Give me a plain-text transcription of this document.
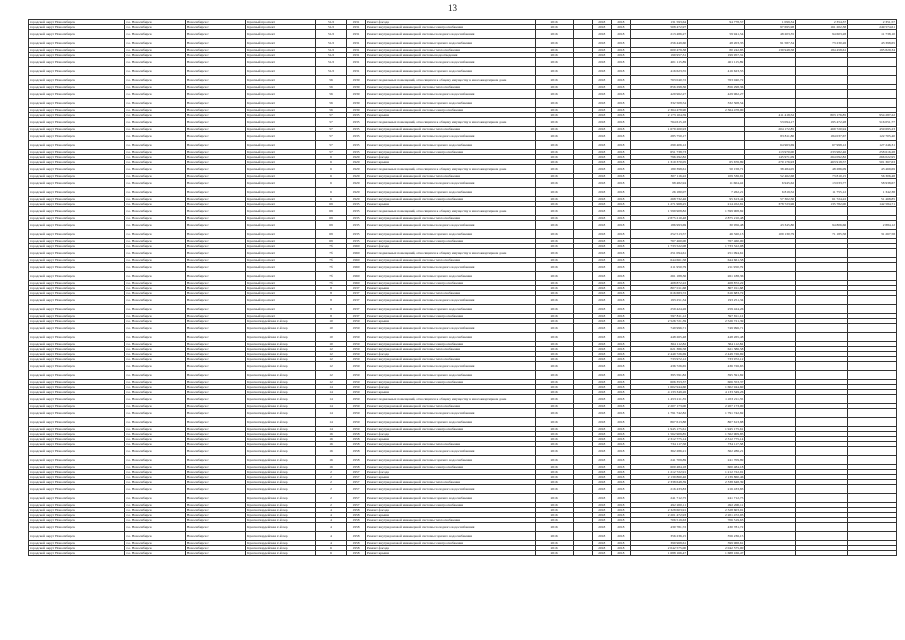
13
городской округ Новосибирск	г.о. Новосибирск	Новосибирск г	Красный проспект	51/2	1931	Ремонт фасада	2016		2018	2018	131 593,64	94 778,57	1 099,34	2 354,37	2 351,57
городской округ Новосибирск	г.о. Новосибирск	Новосибирск г	Красный проспект	51/2	1931	Ремонт внутридомовой инженерной системы электроснабжения	2016		2018	2018	508 472,97		97 695,98	161 202,38	249 574,61
городской округ Новосибирск	г.о. Новосибирск	Новосибирск г	Красный проспект	51/2	1931	Ремонт внутридомовой инженерной системы холодного водоснабжения	2016		2018	2018	213 486,27	59 941,54	48 203,35	94 603,28	11 738,10
городской округ Новосибирск	г.о. Новосибирск	Новосибирск г	Красный проспект	51/2	1931	Ремонт внутридомовой инженерной системы горячего водоснабжения	2016		2018	2018	256 449,60	48 203,35	91 587,34	73 230,26	43 398,65
городской округ Новосибирск	г.о. Новосибирск	Новосибирск г	Красный проспект	51/2	1931	Ремонт внутридомовой инженерной системы теплоснабжения	2016		2018	2018	600 479,38	80 242,85	139 948,58	184 458,61	195 829,34
городской округ Новосибирск	г.о. Новосибирск	Новосибирск г	Красный проспект	51/2	1931	Ремонт внутридомовой инженерной системы водоотведения	2016		2018	2018	199 957,31	199 957,31			
городской округ Новосибирск	г.о. Новосибирск	Новосибирск г	Красный проспект	51/2	1931	Ремонт внутридомовой инженерной системы холодного водоснабжения	2016		2018	2018	401 115,89	401 115,89			
городской округ Новосибирск	г.о. Новосибирск	Новосибирск г	Красный проспект	51/2	1931	Ремонт внутридомовой инженерной системы горячего водоснабжения	2016		2018	2018	416 623,55	416 623,55			
городской округ Новосибирск	г.о. Новосибирск	Новосибирск г	Красный проспект	56	1939	Ремонт подвальных помещений, относящихся к общему имуществу в многоквартирном доме	2016		2018	2018	763 040,72	763 040,72			
городской округ Новосибирск	г.о. Новосибирск	Новосибирск г	Красный проспект	56	1939	Ремонт внутридомовой инженерной системы теплоснабжения	2016		2018	2018	856 298,36	856 298,36			
городской округ Новосибирск	г.о. Новосибирск	Новосибирск г	Красный проспект	56	1939	Ремонт внутридомовой инженерной системы холодного водоснабжения	2016		2018	2018	429 962,27	429 962,27			
городской округ Новосибирск	г.о. Новосибирск	Новосибирск г	Красный проспект	56	1939	Ремонт внутридомовой инженерной системы горячего водоснабжения	2016		2018	2018	332 508,54	332 508,54			
городской округ Новосибирск	г.о. Новосибирск	Новосибирск г	Красный проспект	56	1939	Ремонт внутридомовой инженерной системы электроснабжения	2016		2018	2018	2 364 478,90	2 364 478,90			
городской округ Новосибирск	г.о. Новосибирск	Новосибирск г	Красный проспект	57	1935	Ремонт крыши	2016		2018	2018	2 173 104,59		411 418,52	803 176,85	954 287,22
городской округ Новосибирск	г.о. Новосибирск	Новосибирск г	Красный проспект	57	1935	Ремонт подвальных помещений, относящихся к общему имуществу в многоквартирном доме	2016		2018	2018	764 615,18		53 094,17	195 472,28	516 051,77
городской округ Новосибирск	г.о. Новосибирск	Новосибирск г	Красный проспект	57	1935	Ремонт внутридомовой инженерной системы теплоснабжения	2016		2018	2018	1 679 200,93		204 172,85	469 720,94	459 695,23
городской округ Новосибирск	г.о. Новосибирск	Новосибирск г	Красный проспект	57	1935	Ремонт внутридомовой инженерной системы холодного водоснабжения	2016		2018	2018	285 750,17		83 811,80	184 037,67	122 705,40
городской округ Новосибирск	г.о. Новосибирск	Новосибирск г	Красный проспект	57	1935	Ремонт внутридомовой инженерной системы горячего водоснабжения	2016		2018	2018	299 406,12		64 963,69	67 998,12	127 246,31
городской округ Новосибирск	г.о. Новосибирск	Новосибирск г	Красный проспект	57	1935	Ремонт внутридомовой инженерной системы электроснабжения	2016		2018	2018	651 738,73		113 970,00	233 982,46	258 616,28
городской округ Новосибирск	г.о. Новосибирск	Новосибирск г	Красный проспект	6	1929	Ремонт фасада	2016		2018	2018	796 292,82		145 971,09	264 092,82	266 022,95
городской округ Новосибирск	г.о. Новосибирск	Новосибирск г	Красный проспект	6	1929	Ремонт крыши	2016		2018	2018	1 319 370,05	65 676,89	270 176,93	463 918,57	501 367,63
городской округ Новосибирск	г.о. Новосибирск	Новосибирск г	Красный проспект	6	1929	Ремонт подвальных помещений, относящихся к общему имуществу в многоквартирном доме	2016		2018	2018	180 398,61	50 158,71	38 484,05	48 286,09	43 469,69
городской округ Новосибирск	г.о. Новосибирск	Новосибирск г	Красный проспект	6	1929	Ремонт внутридомовой инженерной системы теплоснабжения	2016		2018	2018	307 116,22	109 536,91	52 462,68	73 810,15	56 306,48
городской округ Новосибирск	г.о. Новосибирск	Новосибирск г	Красный проспект	6	1929	Ремонт внутридомовой инженерной системы холодного водоснабжения	2016		2018	2018	98 482,94	11 604,42	6 945,62	13 033,77	58 938,67
городской округ Новосибирск	г.о. Новосибирск	Новосибирск г	Красный проспект	6	1929	Ремонт внутридомовой инженерной системы горячего водоснабжения	2016		2018	2018	26 180,07	7 262,21	6 819,52	11 755,12	1 342,38
городской округ Новосибирск	г.о. Новосибирск	Новосибирск г	Красный проспект	6	1929	Ремонт внутридомовой инженерной системы электроснабжения	2016		2018	2018	268 732,46	95 613,44	57 302,50	61 724,22	51 468,85
городской округ Новосибирск	г.о. Новосибирск	Новосибирск г	Красный проспект	69	1935	Ремонт крыши	2016		2018	2018	1 271 968,25	214 452,81	378 723,96	135 782,00	142 584,71
городской округ Новосибирск	г.о. Новосибирск	Новосибирск г	Красный проспект	69	1935	Ремонт подвальных помещений, относящихся к общему имуществу в многоквартирном доме	2016		2018	2018	1 599 908,82	1 599 908,82			
городской округ Новосибирск	г.о. Новосибирск	Новосибирск г	Красный проспект	69	1935	Ремонт внутридомовой инженерной системы теплоснабжения	2016		2018	2018	2 875 210,48	2 875 210,48			
городской округ Новосибирск	г.о. Новосибирск	Новосибирск г	Красный проспект	69	1935	Ремонт внутридомовой инженерной системы холодного водоснабжения	2016		2018	2018	186 993,69	30 956,48	43 345,80	94 806,66	2 884,12
городской округ Новосибирск	г.о. Новосибирск	Новосибирск г	Красный проспект	69	1935	Ремонт внутридомовой инженерной системы горячего водоснабжения	2016		2018	2018	252 513,57	46 320,13	109 130,79	71 185,58	31 267,58
городской округ Новосибирск	г.о. Новосибирск	Новосибирск г	Красный проспект	69	1935	Ремонт внутридомовой инженерной системы электроснабжения	2016		2018	2018	767 460,00	767 460,00			
городской округ Новосибирск	г.о. Новосибирск	Новосибирск г	Красный проспект	7б	1960	Ремонт фасада	2016		2018	2018	1 733 522,08	1 733 522,08			
городской округ Новосибирск	г.о. Новосибирск	Новосибирск г	Красный проспект	7б	1960	Ремонт подвальных помещений, относящихся к общему имуществу в многоквартирном доме	2016		2018	2018	251 094,61	251 094,61			
городской округ Новосибирск	г.о. Новосибирск	Новосибирск г	Красный проспект	7б	1960	Ремонт внутридомовой инженерной системы теплоснабжения	2016		2018	2018	644 661,58	644 661,58			
городской округ Новосибирск	г.о. Новосибирск	Новосибирск г	Красный проспект	7б	1960	Ремонт внутридомовой инженерной системы холодного водоснабжения	2016		2018	2018	211 950,79	211 950,79			
городской округ Новосибирск	г.о. Новосибирск	Новосибирск г	Красный проспект	7б	1960	Ремонт внутридомовой инженерной системы горячего водоснабжения	2016		2018	2018	261 188,36	261 188,36			
городской округ Новосибирск	г.о. Новосибирск	Новосибирск г	Красный проспект	7б	1960	Ремонт внутридомовой инженерной системы электроснабжения	2016		2018	2018	408 872,22	408 872,22			
городской округ Новосибирск	г.о. Новосибирск	Новосибирск г	Красный проспект	8	1937	Ремонт крыши	2016		2018	2018	807 011,68	807 011,68			
городской округ Новосибирск	г.о. Новосибирск	Новосибирск г	Красный проспект	8	1937	Ремонт внутридомовой инженерной системы теплоснабжения	2016		2018	2018	616 683,72	616 683,72			
городской округ Новосибирск	г.о. Новосибирск	Новосибирск г	Красный проспект	8	1937	Ремонт внутридомовой инженерной системы холодного водоснабжения	2016		2018	2018	193 251,34	193 251,34			
городской округ Новосибирск	г.о. Новосибирск	Новосибирск г	Красный проспект	8	1937	Ремонт внутридомовой инженерной системы горячего водоснабжения	2016		2018	2018	259 424,26	259 424,26			
городской округ Новосибирск	г.о. Новосибирск	Новосибирск г	Красный проспект	8	1937	Ремонт внутридомовой инженерной системы электроснабжения	2016		2018	2018	597 811,12	597 811,12			
городской округ Новосибирск	г.о. Новосибирск	Новосибирск г	Красногвардейская 2-й пер	10	1959	Ремонт крыши	2016		2018	2018	2 526 721,39	2 526 721,39			
городской округ Новосибирск	г.о. Новосибирск	Новосибирск г	Красногвардейская 2-й пер	10	1959	Ремонт внутридомовой инженерной системы холодного водоснабжения	2016		2018	2018	749 996,71	749 996,71			
городской округ Новосибирск	г.о. Новосибирск	Новосибирск г	Красногвардейская 2-й пер	10	1959	Ремонт внутридомовой инженерной системы горячего водоснабжения	2016		2018	2018	448 265,48	448 265,48			
городской округ Новосибирск	г.о. Новосибирск	Новосибирск г	Красногвардейская 2-й пер	10	1959	Ремонт внутридомовой инженерной системы электроснабжения	2016		2018	2018	364 112,82	364 112,82			
городской округ Новосибирск	г.о. Новосибирск	Новосибирск г	Красногвардейская 2-й пер	12	1959	Ремонт внутридомовой инженерной системы теплоснабжения	2016		2018	2018	621 386,58	621 386,58			
городской округ Новосибирск	г.о. Новосибирск	Новосибирск г	Красногвардейская 2-й пер	12	1959	Ремонт фасада	2016		2018	2018	2 449 726,69	2 449 726,69			
городской округ Новосибирск	г.о. Новосибирск	Новосибирск г	Красногвардейская 2-й пер	12	1959	Ремонт внутридомовой инженерной системы теплоснабжения	2016		2018	2018	733 972,12	733 972,12			
городской округ Новосибирск	г.о. Новосибирск	Новосибирск г	Красногвардейская 2-й пер	12	1959	Ремонт внутридомовой инженерной системы холодного водоснабжения	2016		2018	2018	436 726,65	436 726,65			
городской округ Новосибирск	г.о. Новосибирск	Новосибирск г	Красногвардейская 2-й пер	12	1959	Ремонт внутридомовой инженерной системы горячего водоснабжения	2016		2018	2018	395 591,82	395 591,82			
городской округ Новосибирск	г.о. Новосибирск	Новосибирск г	Красногвардейская 2-й пер	12	1959	Ремонт внутридомовой инженерной системы электроснабжения	2016		2018	2018	606 353,37	606 353,37			
городской округ Новосибирск	г.о. Новосибирск	Новосибирск г	Красногвардейская 2-й пер	14	1959	Ремонт фасада	2016		2018	2018	1 602 944,60	1 602 944,60			
городской округ Новосибирск	г.о. Новосибирск	Новосибирск г	Красногвардейская 2-й пер	14	1959	Ремонт крыши	2016		2018	2018	4 133 349,26	4 133 349,26			
городской округ Новосибирск	г.о. Новосибирск	Новосибирск г	Красногвардейская 2-й пер	14	1959	Ремонт подвальных помещений, относящихся к общему имуществу в многоквартирном доме	2016		2018	2018	1 453 211,35	1 453 211,35			
городской округ Новосибирск	г.о. Новосибирск	Новосибирск г	Красногвардейская 2-й пер	14	1959	Ремонт внутридомовой инженерной системы теплоснабжения	2016		2018	2018	2 207 173,00	2 207 173,00			
городской округ Новосибирск	г.о. Новосибирск	Новосибирск г	Красногвардейская 2-й пер	14	1959	Ремонт внутридомовой инженерной системы холодного водоснабжения	2016		2018	2018	1 791 742,82	1 791 742,82			
городской округ Новосибирск	г.о. Новосибирск	Новосибирск г	Красногвардейская 2-й пер	14	1959	Ремонт внутридомовой инженерной системы горячего водоснабжения	2016		2018	2018	867 613,88	867 613,88			
городской округ Новосибирск	г.о. Новосибирск	Новосибирск г	Красногвардейская 2-й пер	14	1959	Ремонт внутридомовой инженерной системы электроснабжения	2016		2018	2018	1 945 175,61	1 945 175,61			
городской округ Новосибирск	г.о. Новосибирск	Новосибирск г	Красногвардейская 2-й пер	16	1958	Ремонт фасада	2016		2018	2018	1 562 909,85	1 562 909,85			
городской округ Новосибирск	г.о. Новосибирск	Новосибирск г	Красногвардейская 2-й пер	16	1958	Ремонт крыши	2016		2018	2018	2 312 775,14	2 312 775,14			
городской округ Новосибирск	г.о. Новосибирск	Новосибирск г	Красногвардейская 2-й пер	16	1958	Ремонт внутридомовой инженерной системы теплоснабжения	2016		2018	2018	734 117,58	734 117,58			
городской округ Новосибирск	г.о. Новосибирск	Новосибирск г	Красногвардейская 2-й пер	16	1958	Ремонт внутридомовой инженерной системы холодного водоснабжения	2016		2018	2018	362 286,21	362 286,21			
городской округ Новосибирск	г.о. Новосибирск	Новосибирск г	Красногвардейская 2-й пер	16	1958	Ремонт внутридомовой инженерной системы горячего водоснабжения	2016		2018	2018	241 709,89	241 709,89			
городской округ Новосибирск	г.о. Новосибирск	Новосибирск г	Красногвардейская 2-й пер	16	1958	Ремонт внутридомовой инженерной системы электроснабжения	2016		2018	2018	600 484,18	600 484,18			
городской округ Новосибирск	г.о. Новосибирск	Новосибирск г	Красногвардейская 2-й пер	2	1957	Ремонт фасада	2016		2018	2018	1 212 722,91	1 212 722,91			
городской округ Новосибирск	г.о. Новосибирск	Новосибирск г	Красногвардейская 2-й пер	2	1957	Ремонт крыши	2016		2018	2018	2 139 860,46	2 139 860,46			
городской округ Новосибирск	г.о. Новосибирск	Новосибирск г	Красногвардейская 2-й пер	2	1957	Ремонт внутридомовой инженерной системы теплоснабжения	2016		2018	2018	2 338 648,39	2 338 648,39			
городской округ Новосибирск	г.о. Новосибирск	Новосибирск г	Красногвардейская 2-й пер	2	1957	Ремонт внутридомовой инженерной системы холодного водоснабжения	2016		2018	2018	216 433,83	216 433,83			
городской округ Новосибирск	г.о. Новосибирск	Новосибирск г	Красногвардейская 2-й пер	2	1957	Ремонт внутридомовой инженерной системы горячего водоснабжения	2016		2018	2018	241 712,75	241 712,75			
городской округ Новосибирск	г.о. Новосибирск	Новосибирск г	Красногвардейская 2-й пер	2	1957	Ремонт внутридомовой инженерной системы электроснабжения	2016		2018	2018	492 200,11	492 200,11			
городской округ Новосибирск	г.о. Новосибирск	Новосибирск г	Красногвардейская 2-й пер	4	1958	Ремонт фасада	2016		2018	2018	2 328 603,91	2 328 603,91			
городской округ Новосибирск	г.о. Новосибирск	Новосибирск г	Красногвардейская 2-й пер	4	1958	Ремонт крыши	2016		2018	2018	2 201 472,93	2 201 472,93			
городской округ Новосибирск	г.о. Новосибирск	Новосибирск г	Красногвардейская 2-й пер	4	1958	Ремонт внутридомовой инженерной системы теплоснабжения	2016		2018	2018	706 519,63	706 519,63			
городской округ Новосибирск	г.о. Новосибирск	Новосибирск г	Красногвардейская 2-й пер	4	1958	Ремонт внутридомовой инженерной системы холодного водоснабжения	2016		2018	2018	430 781,72	430 781,72			
городской округ Новосибирск	г.о. Новосибирск	Новосибирск г	Красногвардейская 2-й пер	4	1958	Ремонт внутридомовой инженерной системы горячего водоснабжения	2016		2018	2018	356 236,15	356 236,15			
городской округ Новосибирск	г.о. Новосибирск	Новосибирск г	Красногвардейская 2-й пер	4	1958	Ремонт внутридомовой инженерной системы электроснабжения	2016		2018	2018	399 968,61	399 968,61			
городской округ Новосибирск	г.о. Новосибирск	Новосибирск г	Красногвардейская 2-й пер	6	1958	Ремонт фасада	2016		2018	2018	2 042 575,00	2 042 575,00			
городской округ Новосибирск	г.о. Новосибирск	Новосибирск г	Красногвардейская 2-й пер	6	1958	Ремонт крыши	2016		2018	2018	1 688 166,47	1 688 166,47			
